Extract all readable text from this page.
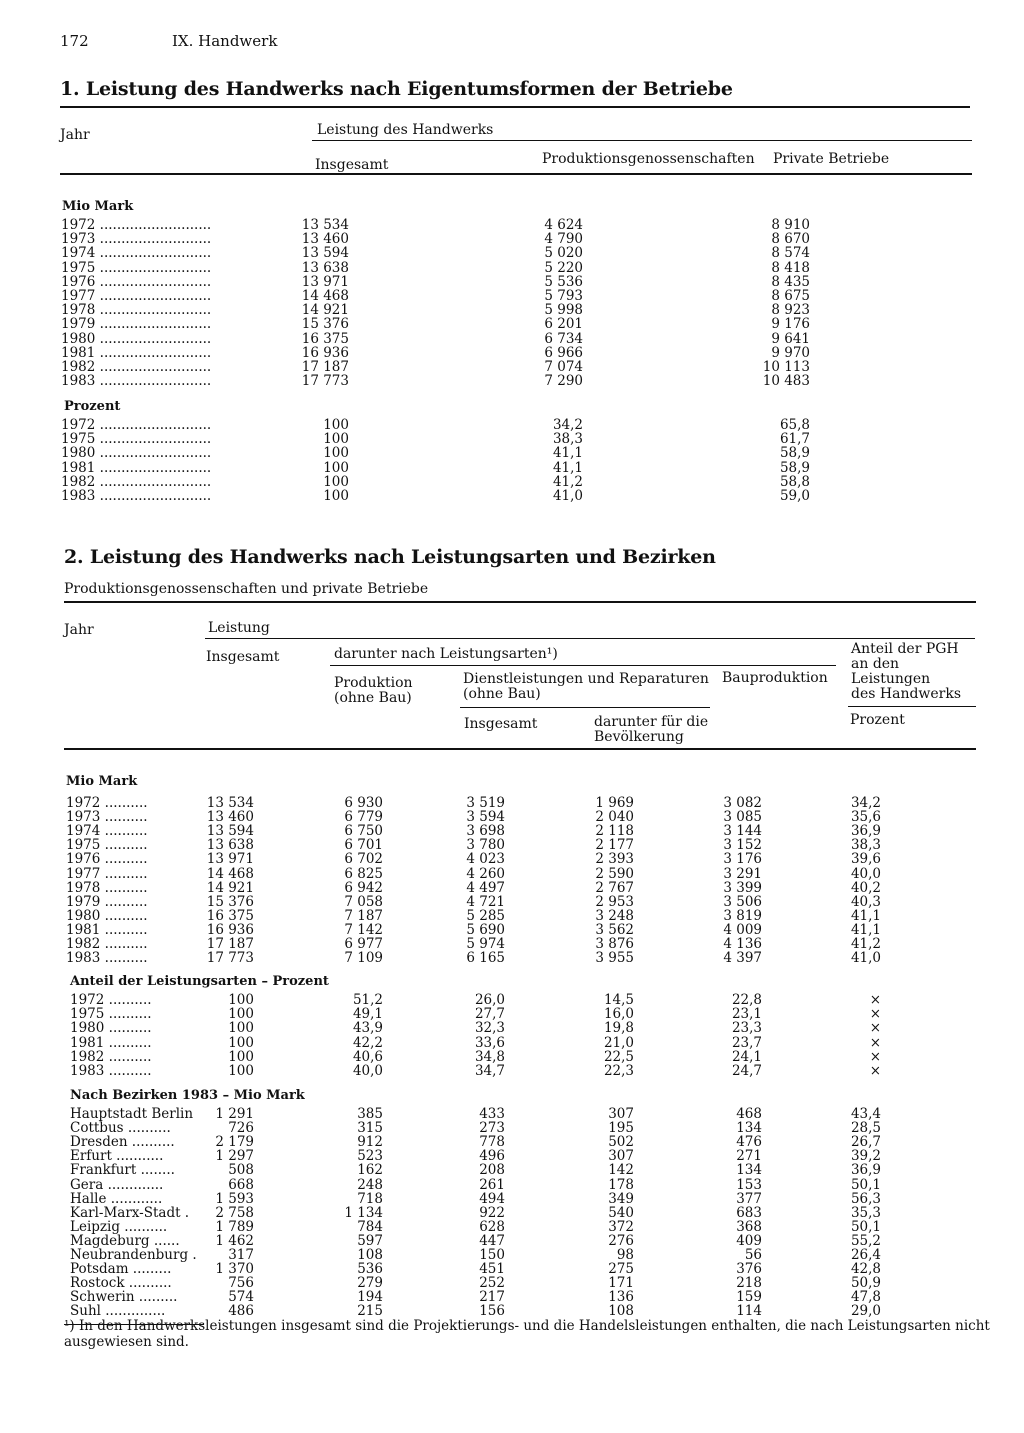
172	IX. Handwerk
1. Leistung des Handwerks nach Eigentumsformen der Betriebe
Jahr	Leistung des Handwerks
Insgesamt	Produktionsgenossenschaften Private Betriebe
Mio Mark
1972 ..........................	13 534	4 624	8 910
1973 ..........................	13 460	4 790	8 670
1974 ..........................	13 594	5 020	8 574
1975 ..........................	13 638	5 220	8 418
1976 ..........................	13 971	5 536	8 435
1977 ..........................	14 468	5 793	8 675
1978 ..........................	14 921	5 998	8 923
1979 ..........................	15 376	6 201	9 176
1980 ..........................	16 375	6 734	9 641
1981 ..........................	16 936	6 966	9 970
1982 ..........................	17 187	7 074	10 113
1983 ..........................	17 773	7 290	10 483
Prozent
1972 ..........................	100	34,2	65,8
1975 ..........................	100	38,3	61,7
1980 ..........................	100	41,1	58,9
1981 ..........................	100	41,1	58,9
1982 ..........................	100	41,2	58,8
1983 ..........................	100	41,0	59,0
2. Leistung des Handwerks nach Leistungsarten und Bezirken
Produktionsgenossenschaften und private Betriebe
Jahr	Leistung
Insgesamt	darunter nach Leistungsarten¹)
Produktion
(ohne Bau)
Dienstleistungen und Reparaturen
(ohne Bau)
Insgesamt	darunter für die
Bevölkerung
Bauproduktion
Anteil der PGH
an den
Leistungen
des Handwerks
Prozent
Mio Mark
1972 ..........	13 534	6 930	3 519	1 969	3 082	34,2
1973 ..........	13 460	6 779	3 594	2 040	3 085	35,6
1974 ..........	13 594	6 750	3 698	2 118	3 144	36,9
1975 ..........	13 638	6 701	3 780	2 177	3 152	38,3
1976 ..........	13 971	6 702	4 023	2 393	3 176	39,6
1977 ..........	14 468	6 825	4 260	2 590	3 291	40,0
1978 ..........	14 921	6 942	4 497	2 767	3 399	40,2
1979 ..........	15 376	7 058	4 721	2 953	3 506	40,3
1980 ..........	16 375	7 187	5 285	3 248	3 819	41,1
1981 ..........	16 936	7 142	5 690	3 562	4 009	41,1
1982 ..........	17 187	6 977	5 974	3 876	4 136	41,2
1983 ..........	17 773	7 109	6 165	3 955	4 397	41,0
Anteil der Leistungsarten – Prozent
1972 ..........	100	51,2	26,0	14,5	22,8	×
1975 ..........	100	49,1	27,7	16,0	23,1	×
1980 ..........	100	43,9	32,3	19,8	23,3	×
1981 ..........	100	42,2	33,6	21,0	23,7	×
1982 ..........	100	40,6	34,8	22,5	24,1	×
1983 ..........	100	40,0	34,7	22,3	24,7	×
Nach Bezirken 1983 – Mio Mark
Hauptstadt Berlin	1 291	385	433	307	468	43,4
Cottbus ..........	726	315	273	195	134	28,5
Dresden ..........	2 179	912	778	502	476	26,7
Erfurt ...........	1 297	523	496	307	271	39,2
Frankfurt ........	508	162	208	142	134	36,9
Gera .............	668	248	261	178	153	50,1
Halle ............	1 593	718	494	349	377	56,3
Karl-Marx-Stadt .	2 758	1 134	922	540	683	35,3
Leipzig ..........	1 789	784	628	372	368	50,1
Magdeburg ......	1 462	597	447	276	409	55,2
Neubrandenburg .	317	108	150	98	56	26,4
Potsdam .........	1 370	536	451	275	376	42,8
Rostock ..........	756	279	252	171	218	50,9
Schwerin .........	574	194	217	136	159	47,8
Suhl ..............	486	215	156	108	114	29,0
¹) In den Handwerksleistungen insgesamt sind die Projektierungs- und die Handelsleistungen enthalten, die nach Leistungsarten nicht
ausgewiesen sind.
